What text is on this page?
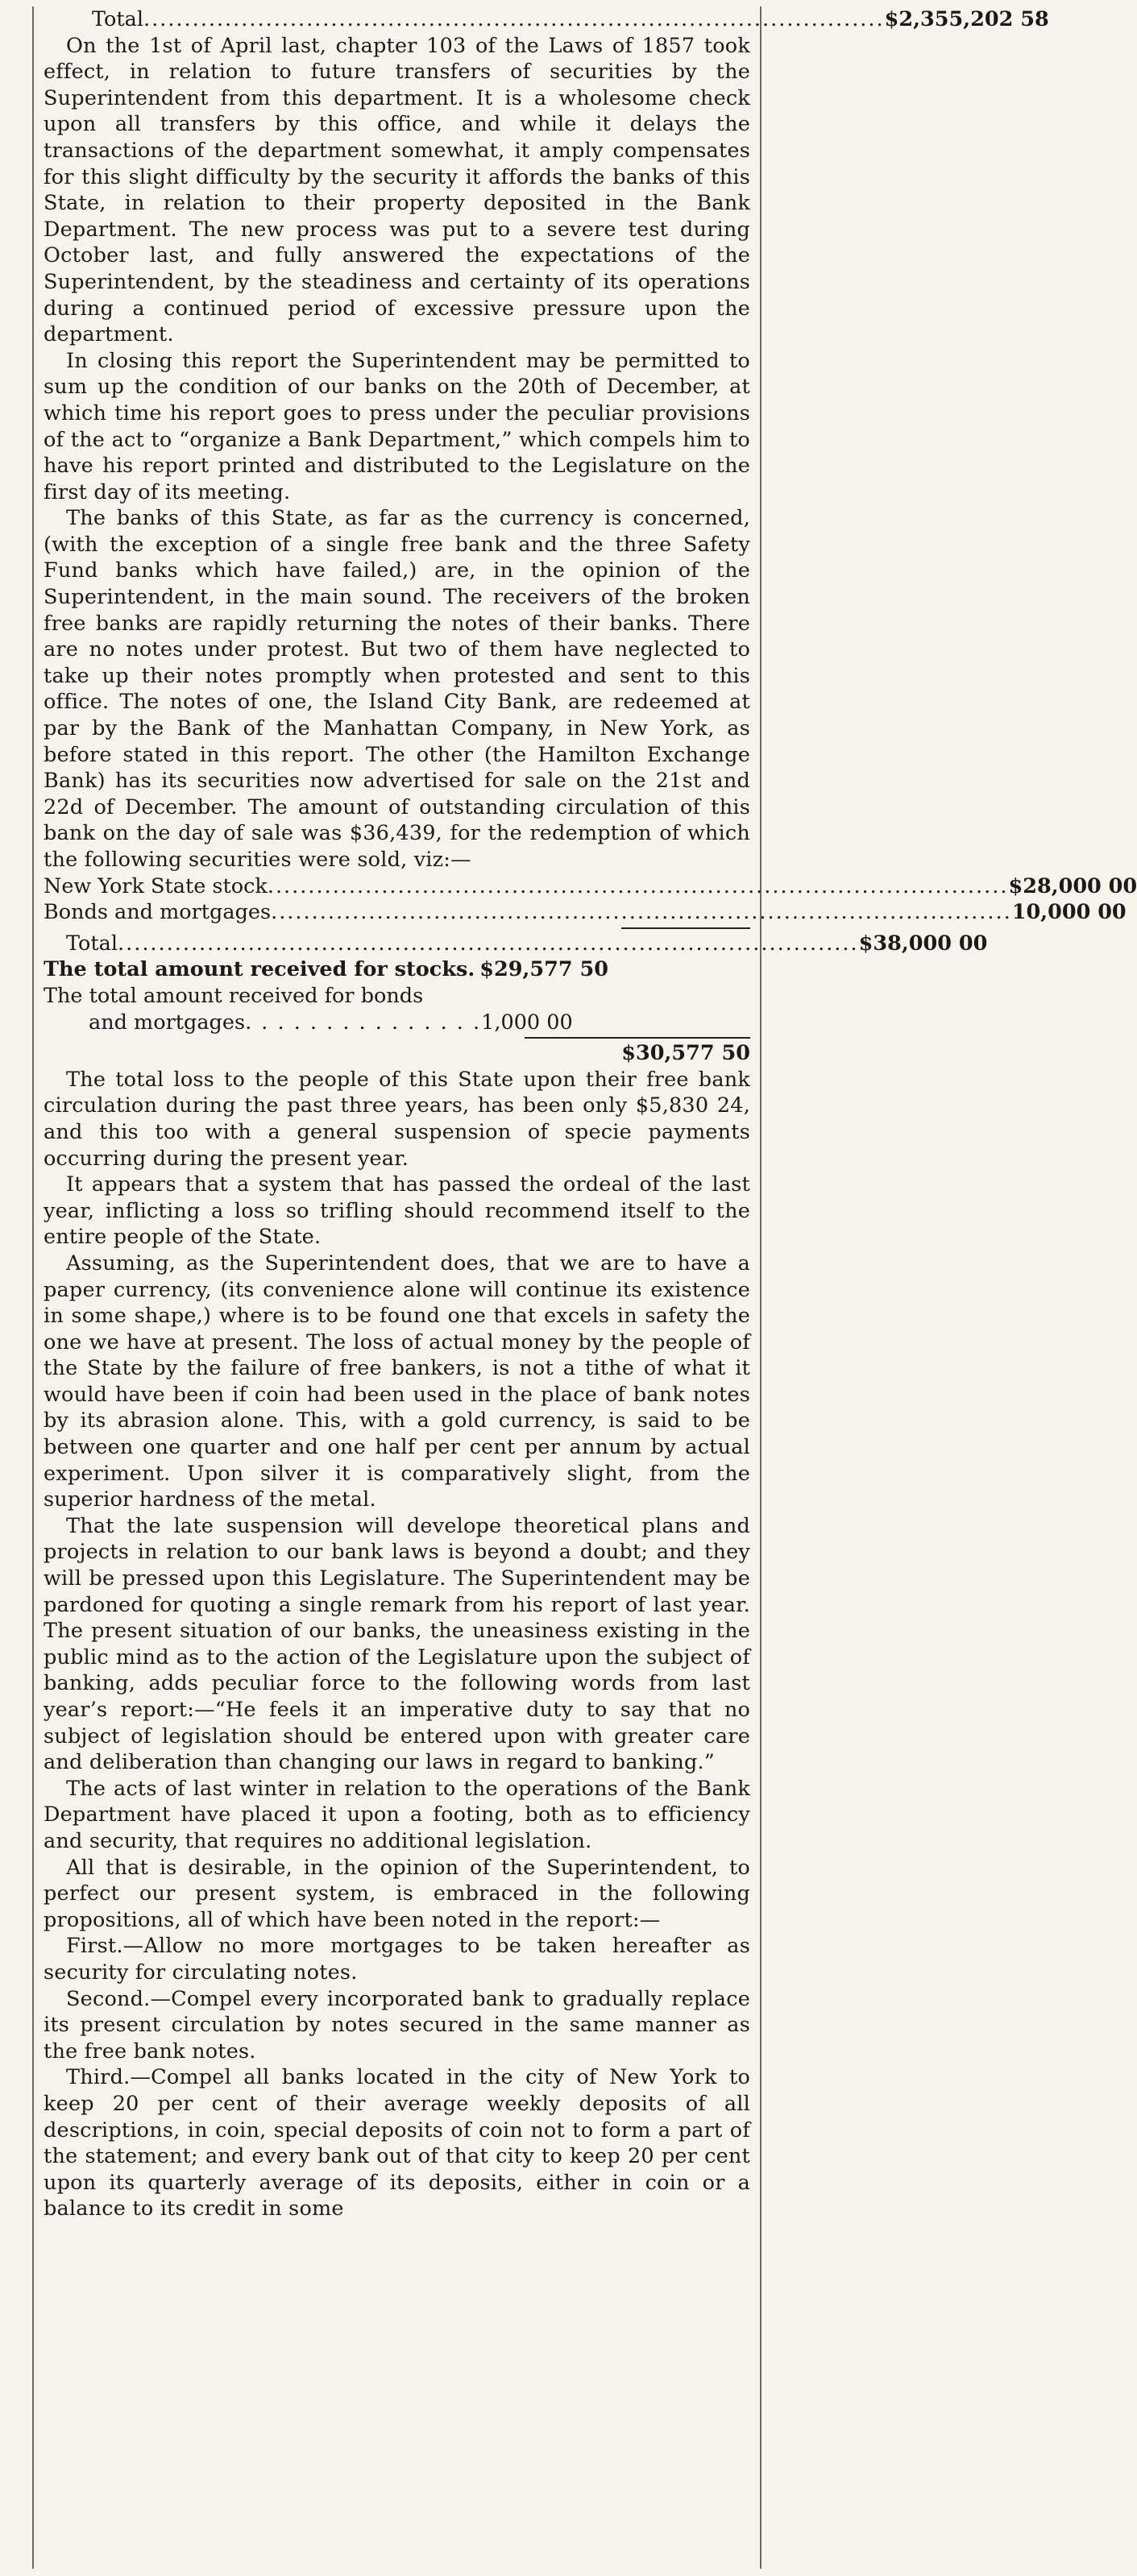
Total ........................................................................................... $2,355,202 58

On the 1st of April last, chapter 103 of the Laws of 1857 took effect, in relation to future transfers of securities by the Superintendent from this department. It is a wholesome check upon all transfers by this office, and while it delays the transactions of the department somewhat, it amply compensates for this slight difficulty by the security it affords the banks of this State, in relation to their property deposited in the Bank Department. The new process was put to a severe test during October last, and fully answered the expectations of the Superintendent, by the steadiness and certainty of its operations during a continued period of excessive pressure upon the department.

In closing this report the Superintendent may be permitted to sum up the condition of our banks on the 20th of December, at which time his report goes to press under the peculiar provisions of the act to “organize a Bank Department,” which compels him to have his report printed and distributed to the Legislature on the first day of its meeting.

The banks of this State, as far as the currency is concerned, (with the exception of a single free bank and the three Safety Fund banks which have failed,) are, in the opinion of the Superintendent, in the main sound. The receivers of the broken free banks are rapidly returning the notes of their banks. There are no notes under protest. But two of them have neglected to take up their notes promptly when protested and sent to this office. The notes of one, the Island City Bank, are redeemed at par by the Bank of the Manhattan Company, in New York, as before stated in this report. The other (the Hamilton Exchange Bank) has its securities now advertised for sale on the 21st and 22d of December. The amount of outstanding circulation of this bank on the day of sale was $36,439, for the redemption of which the following securities were sold, viz:—

New York State stock ........................................................................................... $28,000 00
Bonds and mortgages ........................................................................................... 10,000 00
Total ........................................................................................... $38,000 00
The total amount received for stocks. $29,577 50
The total amount received for bonds
and mortgages . . . . . . . . . . . . . . . 1,000 00
$30,577 50

The total loss to the people of this State upon their free bank circulation during the past three years, has been only $5,830 24, and this too with a general suspension of specie payments occurring during the present year.

It appears that a system that has passed the ordeal of the last year, inflicting a loss so trifling should recommend itself to the entire people of the State.

Assuming, as the Superintendent does, that we are to have a paper currency, (its convenience alone will continue its existence in some shape,) where is to be found one that excels in safety the one we have at present. The loss of actual money by the people of the State by the failure of free bankers, is not a tithe of what it would have been if coin had been used in the place of bank notes by its abrasion alone. This, with a gold currency, is said to be between one quarter and one half per cent per annum by actual experiment. Upon silver it is comparatively slight, from the superior hardness of the metal.

That the late suspension will develope theoretical plans and projects in relation to our bank laws is beyond a doubt; and they will be pressed upon this Legislature. The Superintendent may be pardoned for quoting a single remark from his report of last year. The present situation of our banks, the uneasiness existing in the public mind as to the action of the Legislature upon the subject of banking, adds peculiar force to the following words from last year’s report:—“He feels it an imperative duty to say that no subject of legislation should be entered upon with greater care and deliberation than changing our laws in regard to banking.”

The acts of last winter in relation to the operations of the Bank Department have placed it upon a footing, both as to efficiency and security, that requires no additional legislation.

All that is desirable, in the opinion of the Superintendent, to perfect our present system, is embraced in the following propositions, all of which have been noted in the report:—

First.—Allow no more mortgages to be taken hereafter as security for circulating notes.

Second.—Compel every incorporated bank to gradually replace its present circulation by notes secured in the same manner as the free bank notes.

Third.—Compel all banks located in the city of New York to keep 20 per cent of their average weekly deposits of all descriptions, in coin, special deposits of coin not to form a part of the statement; and every bank out of that city to keep 20 per cent upon its quarterly average of its deposits, either in coin or a balance to its credit in some
